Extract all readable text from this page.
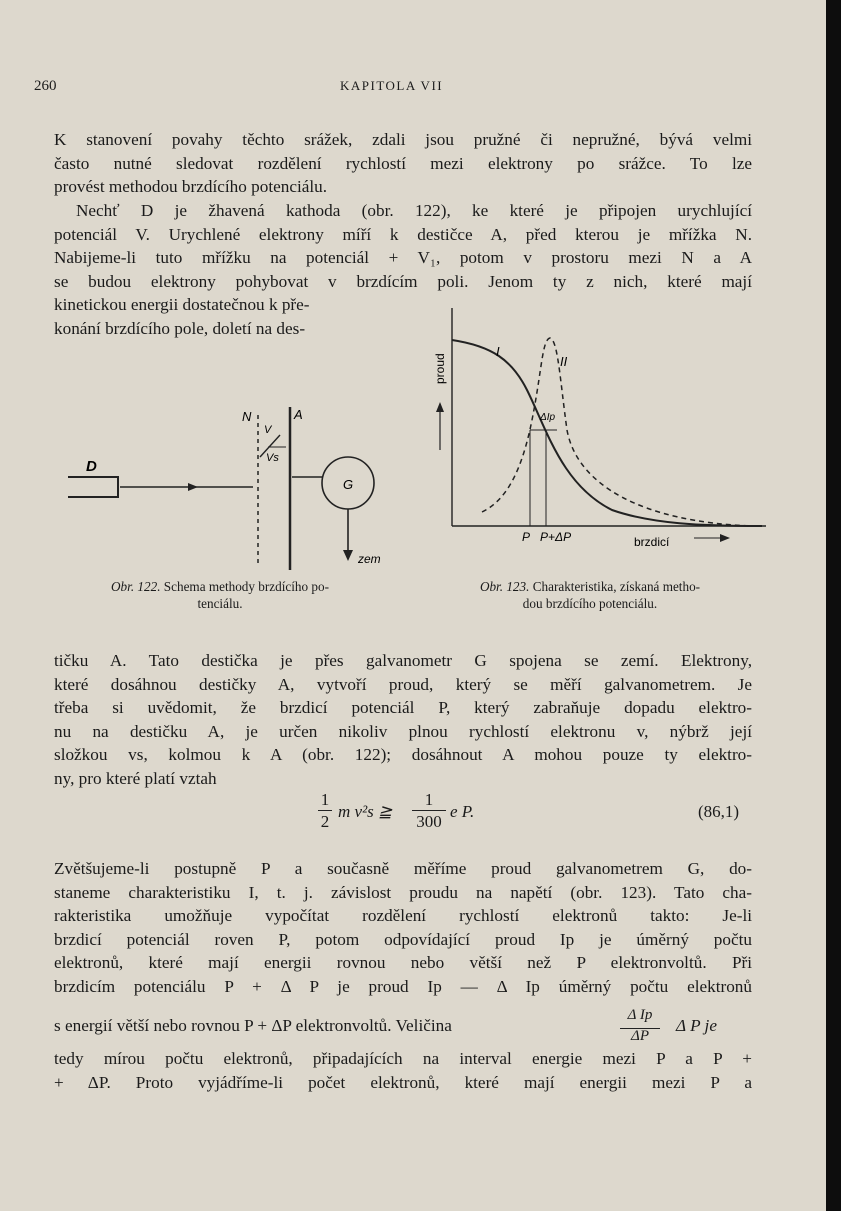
260	KAPITOLA VII
K stanovení povahy těchto srážek, zdali jsou pružné či nepružné, bývá velmi
často nutné sledovat rozdělení rychlostí mezi elektrony po srážce. To lze
provést methodou brzdícího potenciálu.
Nechť D je žhavená kathoda (obr. 122), ke které je připojen urychlující
potenciál V. Urychlené elektrony míří k destičce A, před kterou je mřížka N.
Nabijeme-li tuto mřížku na potenciál + V₁, potom v prostoru mezi N a A
se budou elektrony pohybovat v brzdícím poli. Jenom ty z nich, které mají
kinetickou energii dostatečnou k pře-
konání brzdícího pole, doletí na des-
D
N	A
V
Vs
G
zem
I
II
ΔIp
proud
P P+ΔP	brzdicí
Obr. 122. Schema methody brzdícího po-
tenciálu.
Obr. 123. Charakteristika, získaná metho-
dou brzdícího potenciálu.
tičku A. Tato destička je přes galvanometr G spojena se zemí. Elektrony,
které dosáhnou destičky A, vytvoří proud, který se měří galvanometrem. Je
třeba si uvědomit, že brzdicí potenciál P, který zabraňuje dopadu elektro-
nu na destičku A, je určen nikoliv plnou rychlostí elektronu v, nýbrž její
složkou vs, kolmou k A (obr. 122); dosáhnout A mohou pouze ty elektro-
ny, pro které platí vztah
1
2
m v²s ≧
1
300
e P.	(86,1)
Zvětšujeme-li postupně P a současně měříme proud galvanometrem G, do-
staneme charakteristiku I, t. j. závislost proudu na napětí (obr. 123). Tato cha-
rakteristika umožňuje vypočítat rozdělení rychlostí elektronů takto: Je-li
brzdicí potenciál roven P, potom odpovídající proud Ip je úměrný počtu
elektronů, které mají energii rovnou nebo větší než P elektronvoltů. Při
brzdicím potenciálu P + Δ P je proud Ip — Δ Ip úměrný počtu elektronů
s energií větší nebo rovnou P + ΔP elektronvoltů. Veličina
Δ Ip
ΔP
Δ P je
tedy mírou počtu elektronů, připadajících na interval energie mezi P a P +
+ ΔP. Proto vyjádříme-li počet elektronů, které mají energii mezi P a
